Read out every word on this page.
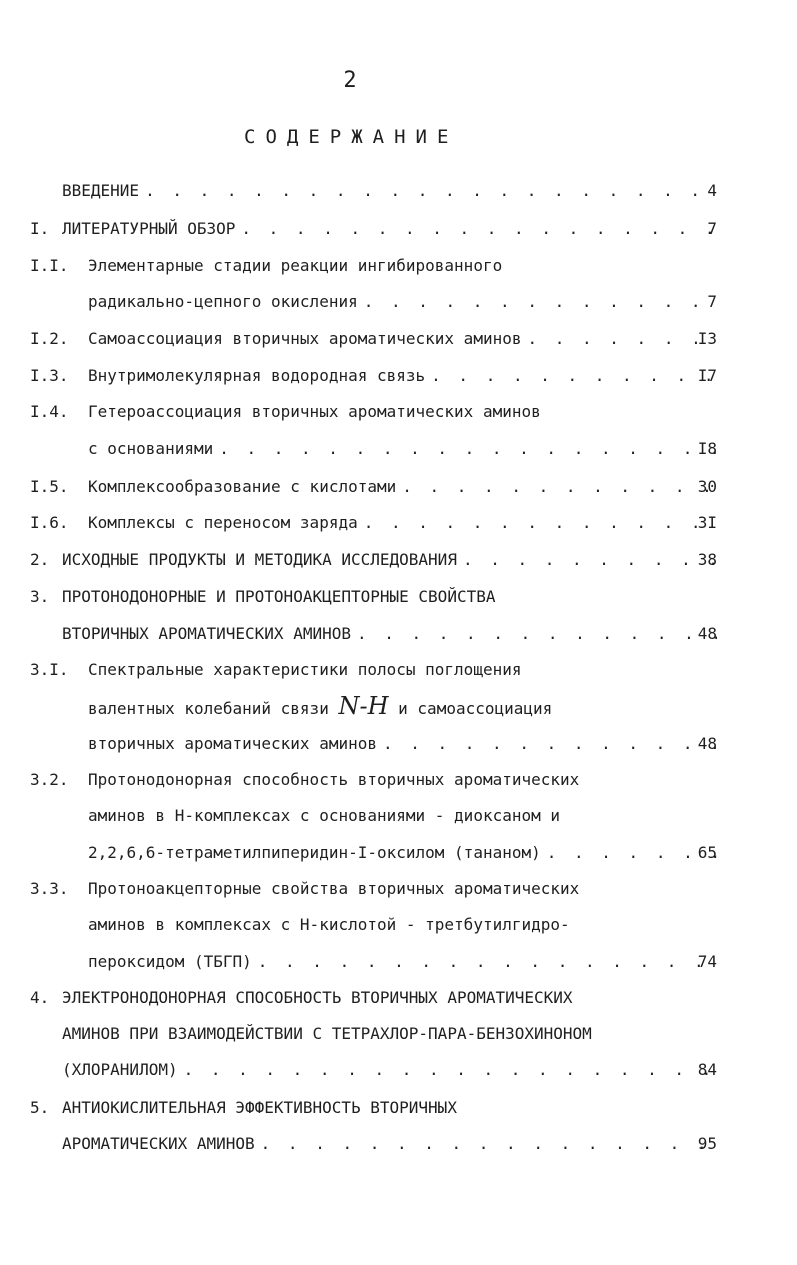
2
СОДЕРЖАНИЕ
ВВЕДЕНИЕ . . .	4
I. ЛИТЕРАТУРНЫЙ ОБЗОР . . .	7
I.I. Элементарные стадии реакции ингибированного
радикально-цепного окисления . . .	7
I.2. Самоассоциация вторичных ароматических аминов . . .	I3
I.3. Внутримолекулярная водородная связь . . .	I7
I.4. Гетероассоциация вторичных ароматических аминов
с основаниями . . .	I8
I.5. Комплексообразование с кислотами . . .	30
I.6. Комплексы с переносом заряда . . .	3I
2. ИСХОДНЫЕ ПРОДУКТЫ И МЕТОДИКА ИССЛЕДОВАНИЯ . . .	38
3. ПРОТОНОДОНОРНЫЕ И ПРОТОНОАКЦЕПТОРНЫЕ СВОЙСТВА
ВТОРИЧНЫХ АРОМАТИЧЕСКИХ АМИНОВ . . .	48
3.I. Спектральные характеристики полосы поглощения
валентных колебаний связи
N-H
и самоассоциация
вторичных ароматических аминов . . .	48
3.2. Протонодонорная способность вторичных ароматических
аминов в Н-комплексах с основаниями - диоксаном и
2,2,6,6-тетраметилпиперидин-I-оксилом (тананом) . . .	65
3.3. Протоноакцепторные свойства вторичных ароматических
аминов в комплексах с Н-кислотой - третбутилгидро-
пероксидом (ТБГП) . . .	74
4. ЭЛЕКТРОНОДОНОРНАЯ СПОСОБНОСТЬ ВТОРИЧНЫХ АРОМАТИЧЕСКИХ
АМИНОВ ПРИ ВЗАИМОДЕЙСТВИИ С ТЕТРАХЛОР-ПАРА-БЕНЗОХИНОНОМ
(ХЛОРАНИЛОМ) . . .	84
5. АНТИОКИСЛИТЕЛЬНАЯ ЭФФЕКТИВНОСТЬ ВТОРИЧНЫХ
АРОМАТИЧЕСКИХ АМИНОВ . . .	95
